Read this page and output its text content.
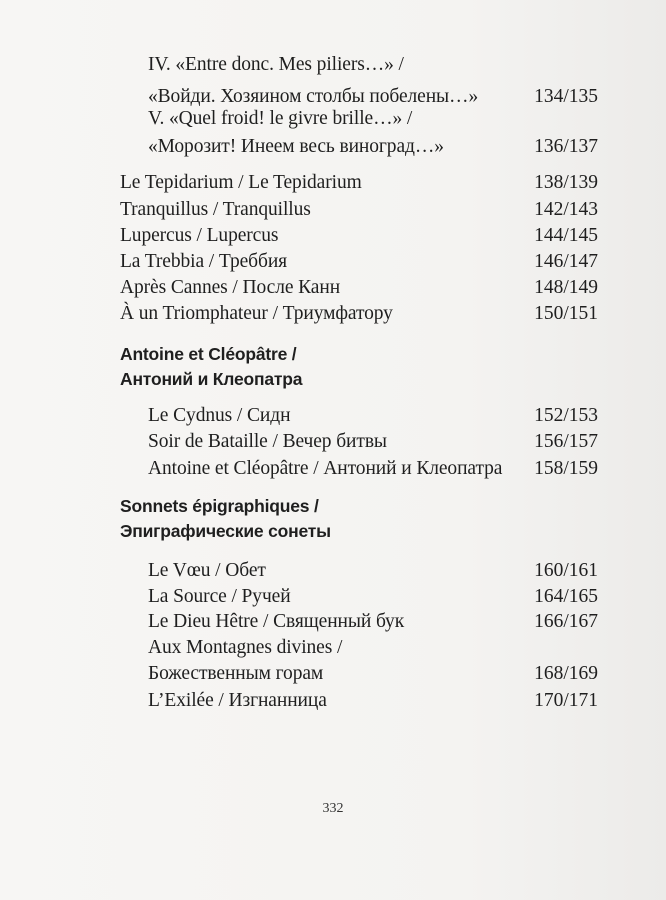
IV. «Entre donc. Mes piliers…» /
«Войди. Хозяином столбы побелены…»	134/135
V. «Quel froid! le givre brille…» /
«Морозит! Инеем весь виноград…»	136/137
Le Tepidarium / Le Tepidarium	138/139
Tranquillus / Tranquillus	142/143
Lupercus / Lupercus	144/145
La Trebbia / Треббия	146/147
Après Cannes / После Канн	148/149
À un Triomphateur / Триумфатору	150/151
Antoine et Cléopâtre /
Антоний и Клеопатра
Le Cydnus / Сидн	152/153
Soir de Bataille / Вечер битвы	156/157
Antoine et Cléopâtre / Антоний и Клеопатра 158/159
Sonnets épigraphiques /
Эпиграфические сонеты
Le Vœu / Обет	160/161
La Source / Ручей	164/165
Le Dieu Hêtre / Священный бук	166/167
Aux Montagnes divines /
Божественным горам	168/169
L’Exilée / Изгнанница	170/171
332
